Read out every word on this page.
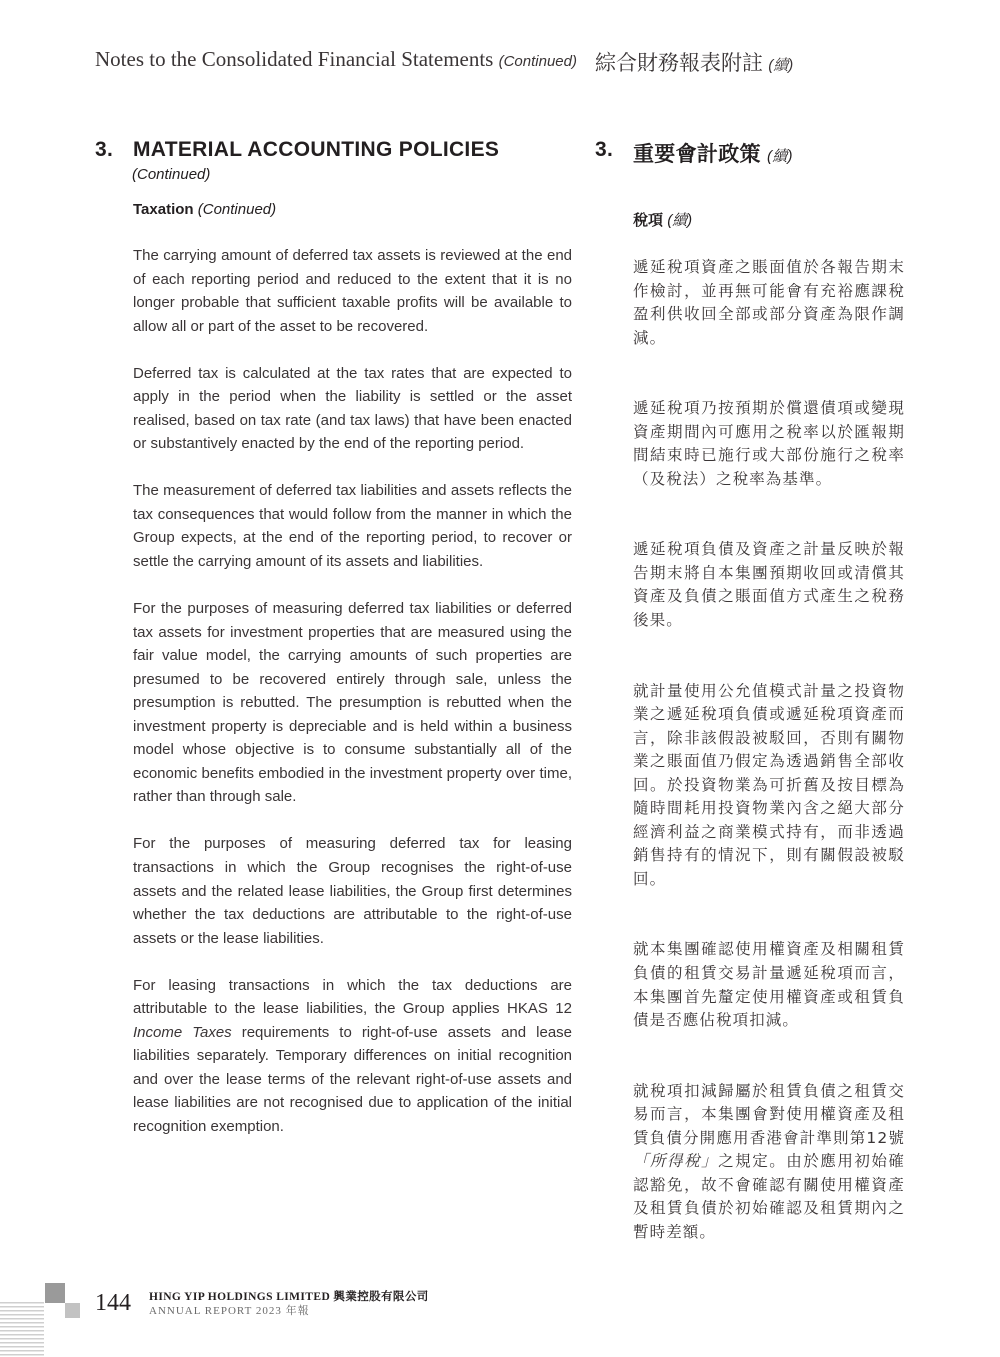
Notes to the Consolidated Financial Statements (Continued) 綜合財務報表附註 (續)
3. MATERIAL ACCOUNTING POLICIES
(Continued)
Taxation (Continued)
The carrying amount of deferred tax assets is reviewed at the end of each reporting period and reduced to the extent that it is no longer probable that sufficient taxable profits will be available to allow all or part of the asset to be recovered.
Deferred tax is calculated at the tax rates that are expected to apply in the period when the liability is settled or the asset realised, based on tax rate (and tax laws) that have been enacted or substantively enacted by the end of the reporting period.
The measurement of deferred tax liabilities and assets reflects the tax consequences that would follow from the manner in which the Group expects, at the end of the reporting period, to recover or settle the carrying amount of its assets and liabilities.
For the purposes of measuring deferred tax liabilities or deferred tax assets for investment properties that are measured using the fair value model, the carrying amounts of such properties are presumed to be recovered entirely through sale, unless the presumption is rebutted. The presumption is rebutted when the investment property is depreciable and is held within a business model whose objective is to consume substantially all of the economic benefits embodied in the investment property over time, rather than through sale.
For the purposes of measuring deferred tax for leasing transactions in which the Group recognises the right-of-use assets and the related lease liabilities, the Group first determines whether the tax deductions are attributable to the right-of-use assets or the lease liabilities.
For leasing transactions in which the tax deductions are attributable to the lease liabilities, the Group applies HKAS 12 Income Taxes requirements to right-of-use assets and lease liabilities separately. Temporary differences on initial recognition and over the lease terms of the relevant right-of-use assets and lease liabilities are not recognised due to application of the initial recognition exemption.
3. 重要會計政策 (續)
稅項 (續)
遞延稅項資產之賬面值於各報告期末作檢討，並再無可能會有充裕應課稅盈利供收回全部或部分資產為限作調減。
遞延稅項乃按預期於償還債項或變現資產期間內可應用之稅率以於匯報期間結束時已施行或大部份施行之稅率（及稅法）之稅率為基準。
遞延稅項負債及資產之計量反映於報告期末將自本集團預期收回或清償其資產及負債之賬面值方式產生之稅務後果。
就計量使用公允值模式計量之投資物業之遞延稅項負債或遞延稅項資產而言，除非該假設被駁回，否則有關物業之賬面值乃假定為透過銷售全部收回。於投資物業為可折舊及按目標為隨時間耗用投資物業內含之絕大部分經濟利益之商業模式持有，而非透過銷售持有的情況下，則有關假設被駁回。
就本集團確認使用權資產及相關租賃負債的租賃交易計量遞延稅項而言，本集團首先釐定使用權資產或租賃負債是否應佔稅項扣減。
就稅項扣減歸屬於租賃負債之租賃交易而言，本集團會對使用權資產及租賃負債分開應用香港會計準則第12號「所得稅」之規定。由於應用初始確認豁免，故不會確認有關使用權資產及租賃負債於初始確認及租賃期內之暫時差額。
144 HING YIP HOLDINGS LIMITED 興業控股有限公司
ANNUAL REPORT 2023 年報
